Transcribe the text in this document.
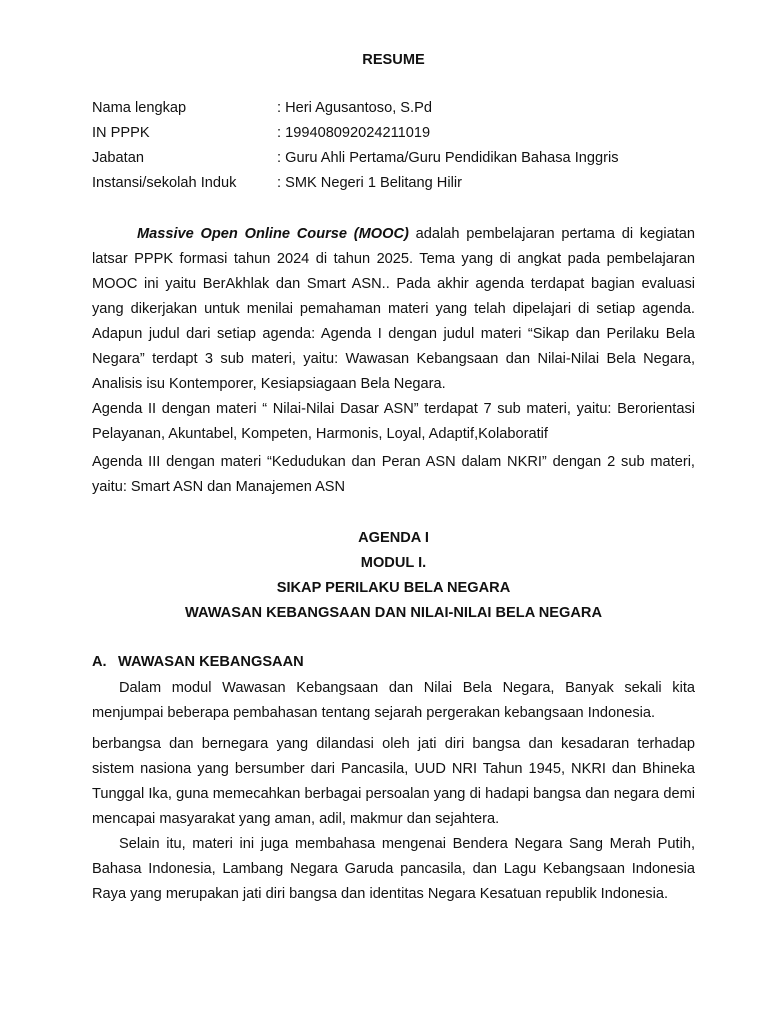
RESUME
Nama lengkap	: Heri Agusantoso, S.Pd
IN PPPK	: 199408092024211019
Jabatan	: Guru Ahli Pertama/Guru Pendidikan Bahasa Inggris
Instansi/sekolah Induk	: SMK Negeri 1 Belitang Hilir

Massive Open Online Course (MOOC) adalah pembelajaran pertama di kegiatan latsar PPPK formasi tahun 2024 di tahun 2025. Tema yang di angkat pada pembelajaran MOOC ini yaitu BerAkhlak dan Smart ASN.. Pada akhir agenda terdapat bagian evaluasi yang dikerjakan untuk menilai pemahaman materi yang telah dipelajari di setiap agenda. Adapun judul dari setiap agenda: Agenda I dengan judul materi “Sikap dan Perilaku Bela Negara” terdapt 3 sub materi, yaitu: Wawasan Kebangsaan dan Nilai-Nilai Bela Negara, Analisis isu Kontemporer, Kesiapsiagaan Bela Negara.

Agenda II dengan materi “ Nilai-Nilai Dasar ASN” terdapat 7 sub materi, yaitu: Berorientasi Pelayanan, Akuntabel, Kompeten, Harmonis, Loyal, Adaptif,Kolaboratif

Agenda III dengan materi “Kedudukan dan Peran ASN dalam NKRI” dengan 2 sub materi, yaitu: Smart ASN dan Manajemen ASN

AGENDA I
MODUL I.
SIKAP PERILAKU BELA NEGARA
WAWASAN KEBANGSAAN DAN NILAI-NILAI BELA NEGARA
A. WAWASAN KEBANGSAAN

Dalam modul Wawasan Kebangsaan dan Nilai Bela Negara, Banyak sekali kita menjumpai beberapa pembahasan tentang sejarah pergerakan kebangsaan Indonesia.

berbangsa dan bernegara yang dilandasi oleh jati diri bangsa dan kesadaran terhadap sistem nasiona yang bersumber dari Pancasila, UUD NRI Tahun 1945, NKRI dan Bhineka Tunggal Ika, guna memecahkan berbagai persoalan yang di hadapi bangsa dan negara demi mencapai masyarakat yang aman, adil, makmur dan sejahtera.

Selain itu, materi ini juga membahasa mengenai Bendera Negara Sang Merah Putih, Bahasa Indonesia, Lambang Negara Garuda pancasila, dan Lagu Kebangsaan Indonesia Raya yang merupakan jati diri bangsa dan identitas Negara Kesatuan republik Indonesia.
